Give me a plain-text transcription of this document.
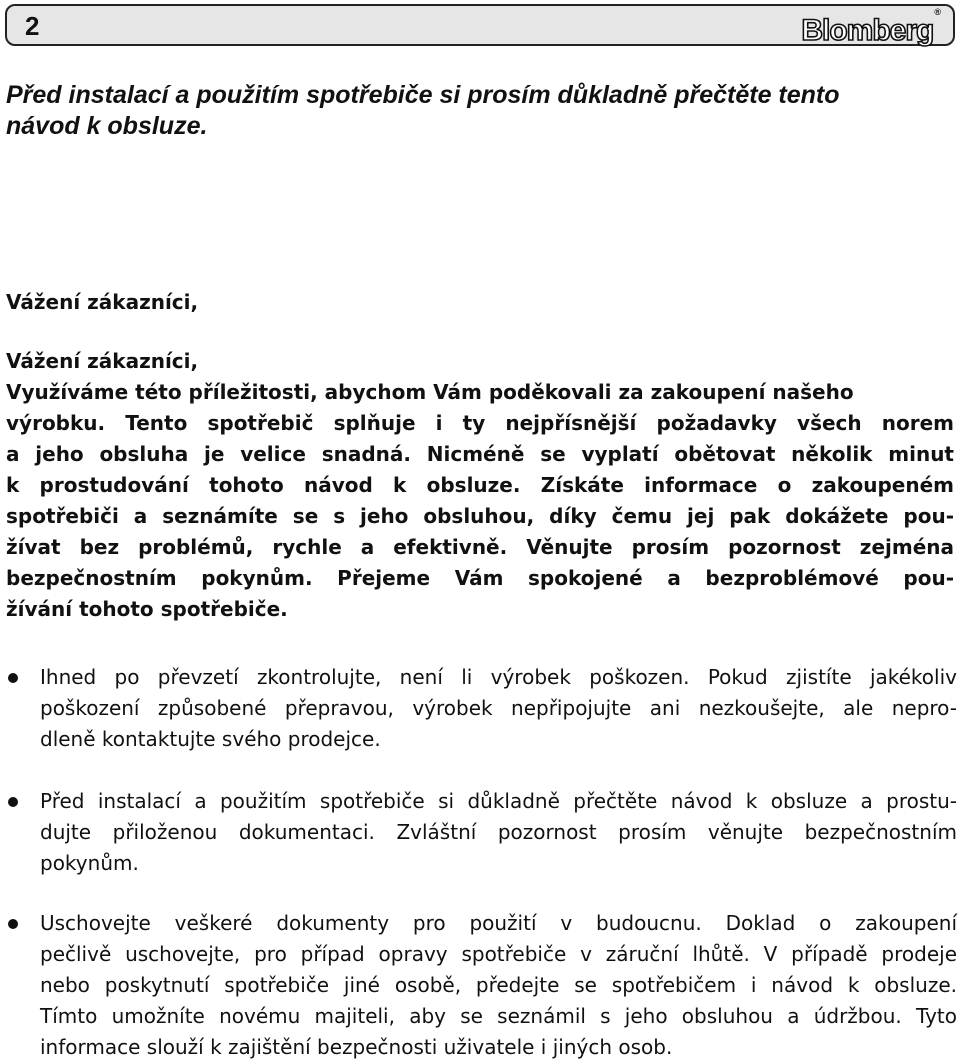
2	Blomberg®
Před instalací a použitím spotřebiče si prosím důkladně přečtěte tento
návod k obsluze.

Vážení zákazníci,

Vážení zákazníci,
Využíváme této příležitosti, abychom Vám poděkovali za zakoupení našeho
výrobku. Tento spotřebič splňuje i ty nejpřísnější požadavky všech norem
a jeho obsluha je velice snadná. Nicméně se vyplatí obětovat několik minut
k prostudování tohoto návod k obsluze. Získáte informace o zakoupeném
spotřebiči a seznámíte se s jeho obsluhou, díky čemu jej pak dokážete pou-
žívat bez problémů, rychle a efektivně. Věnujte prosím pozornost zejména
bezpečnostním pokynům. Přejeme Vám spokojené a bezproblémové pou-
žívání tohoto spotřebiče.

Ihned po převzetí zkontrolujte, není li výrobek poškozen. Pokud zjistíte jakékoliv
poškození způsobené přepravou, výrobek nepřipojujte ani nezkoušejte, ale nepro-
dleně kontaktujte svého prodejce.
Před instalací a použitím spotřebiče si důkladně přečtěte návod k obsluze a prostu-
dujte přiloženou dokumentaci. Zvláštní pozornost prosím věnujte bezpečnostním
pokynům.
Uschovejte veškeré dokumenty pro použití v budoucnu. Doklad o zakoupení
pečlivě uschovejte, pro případ opravy spotřebiče v záruční lhůtě. V případě prodeje
nebo poskytnutí spotřebiče jiné osobě, předejte se spotřebičem i návod k obsluze.
Tímto umožníte novému majiteli, aby se seznámil s jeho obsluhou a údržbou. Tyto
informace slouží k zajištění bezpečnosti uživatele i jiných osob.
